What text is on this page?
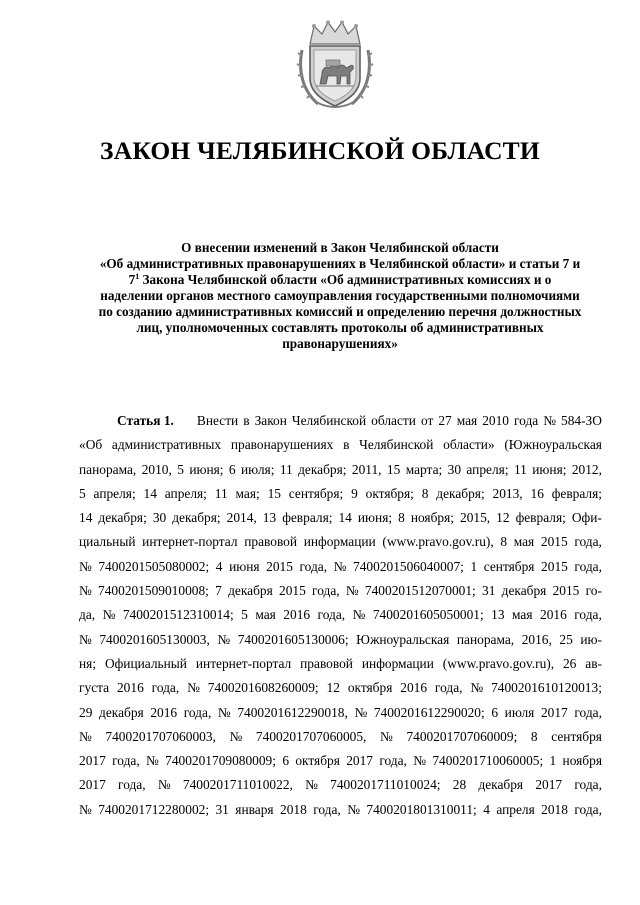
ЗАКОН ЧЕЛЯБИНСКОЙ ОБЛАСТИ
О внесении изменений в Закон Челябинской области
«Об административных правонарушениях в Челябинской области» и статьи 7 и
$7^1$ Закона Челябинской области «Об административных комиссиях и о
наделении органов местного самоуправления государственными полномочиями
по созданию административных комиссий и определению перечня должностных
лиц, уполномоченных составлять протоколы об административных
правонарушениях»
Статья 1. Внести в Закон Челябинской области от 27 мая 2010 года № 584-ЗО
«Об административных правонарушениях в Челябинской области» (Южноуральская
панорама, 2010, 5 июня; 6 июля; 11 декабря; 2011, 15 марта; 30 апреля; 11 июня; 2012,
5 апреля; 14 апреля; 11 мая; 15 сентября; 9 октября; 8 декабря; 2013, 16 февраля;
14 декабря; 30 декабря; 2014, 13 февраля; 14 июня; 8 ноября; 2015, 12 февраля; Офи-
циальный интернет-портал правовой информации (www.pravo.gov.ru), 8 мая 2015 года,
№ 7400201505080002; 4 июня 2015 года, № 7400201506040007; 1 сентября 2015 года,
№ 7400201509010008; 7 декабря 2015 года, № 7400201512070001; 31 декабря 2015 го-
да, № 7400201512310014; 5 мая 2016 года, № 7400201605050001; 13 мая 2016 года,
№ 7400201605130003, № 7400201605130006; Южноуральская панорама, 2016, 25 ию-
ня; Официальный интернет-портал правовой информации (www.pravo.gov.ru), 26 ав-
густа 2016 года, № 7400201608260009; 12 октября 2016 года, № 7400201610120013;
29 декабря 2016 года, № 7400201612290018, № 7400201612290020; 6 июля 2017 года,
№ 7400201707060003, № 7400201707060005, № 7400201707060009; 8 сентября
2017 года, № 7400201709080009; 6 октября 2017 года, № 7400201710060005; 1 ноября
2017 года, № 7400201711010022, № 7400201711010024; 28 декабря 2017 года,
№ 7400201712280002; 31 января 2018 года, № 7400201801310011; 4 апреля 2018 года,
